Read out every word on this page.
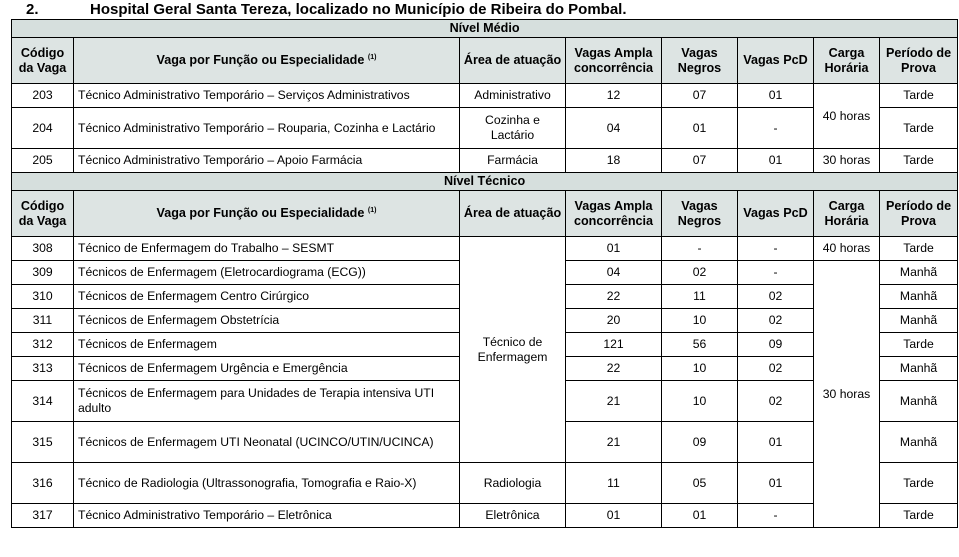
2.	Hospital Geral Santa Tereza, localizado no Município de Ribeira do Pombal.
Nível Médio							
Código da Vaga	Vaga por Função ou Especialidade $^{(1)}$	Área de atuação	Vagas Ampla concorrência	Vagas Negros	Vagas PcD	Carga Horária	Período de Prova
203	Técnico Administrativo Temporário – Serviços Administrativos	Administrativo	12	07	01	40 horas	Tarde
204	Técnico Administrativo Temporário – Rouparia, Cozinha e Lactário	Cozinha e Lactário	04	01	-		Tarde
205	Técnico Administrativo Temporário – Apoio Farmácia	Farmácia	18	07	01	30 horas	Tarde
Nível Técnico							
Código da Vaga	Vaga por Função ou Especialidade $^{(1)}$	Área de atuação	Vagas Ampla concorrência	Vagas Negros	Vagas PcD	Carga Horária	Período de Prova
308	Técnico de Enfermagem do Trabalho – SESMT	Técnico de Enfermagem	01	-	-	40 horas	Tarde
309	Técnicos de Enfermagem (Eletrocardiograma (ECG))		04	02	-	30 horas	Manhã
310	Técnicos de Enfermagem Centro Cirúrgico		22	11	02		Manhã
311	Técnicos de Enfermagem Obstetrícia		20	10	02		Manhã
312	Técnicos de Enfermagem		121	56	09		Tarde
313	Técnicos de Enfermagem Urgência e Emergência		22	10	02		Manhã
314	Técnicos de Enfermagem para Unidades de Terapia intensiva UTI adulto		21	10	02		Manhã
315	Técnicos de Enfermagem UTI Neonatal (UCINCO/UTIN/UCINCA)		21	09	01		Manhã
316	Técnico de Radiologia (Ultrassonografia, Tomografia e Raio-X)	Radiologia	11	05	01		Tarde
317	Técnico Administrativo Temporário – Eletrônica	Eletrônica	01	01	-		Tarde
